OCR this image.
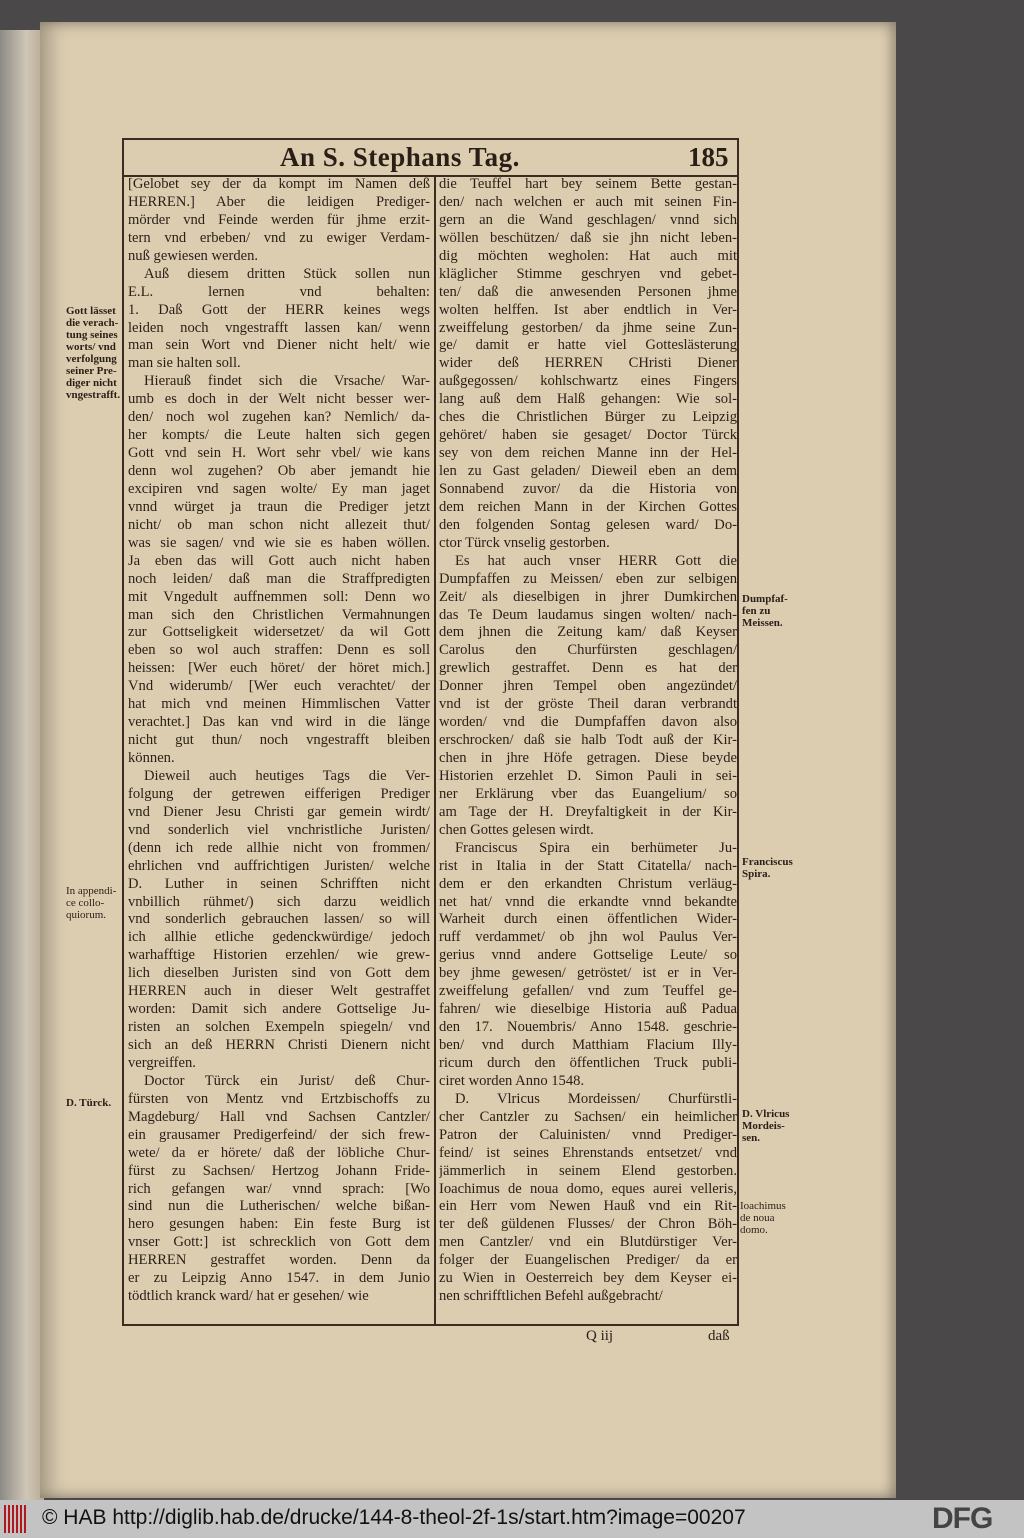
An S. Stephans Tag.	185
[Gelobet sey der da kompt im Namen deß
HERREN.] Aber die leidigen Prediger-
mörder vnd Feinde werden für jhme erzit-
tern vnd erbeben/ vnd zu ewiger Verdam-
nuß gewiesen werden.
Auß diesem dritten Stück sollen nun
E.L. lernen vnd behalten:
1. Daß Gott der HERR keines wegs
leiden noch vngestrafft lassen kan/ wenn
man sein Wort vnd Diener nicht helt/ wie
man sie halten soll.
Hierauß findet sich die Vrsache/ War-
umb es doch in der Welt nicht besser wer-
den/ noch wol zugehen kan? Nemlich/ da-
her kompts/ die Leute halten sich gegen
Gott vnd sein H. Wort sehr vbel/ wie kans
denn wol zugehen? Ob aber jemandt hie
excipiren vnd sagen wolte/ Ey man jaget
vnnd würget ja traun die Prediger jetzt
nicht/ ob man schon nicht allezeit thut/
was sie sagen/ vnd wie sie es haben wöllen.
Ja eben das will Gott auch nicht haben
noch leiden/ daß man die Straffpredigten
mit Vngedult auffnemmen soll: Denn wo
man sich den Christlichen Vermahnungen
zur Gottseligkeit widersetzet/ da wil Gott
eben so wol auch straffen: Denn es soll
heissen: [Wer euch höret/ der höret mich.]
Vnd widerumb/ [Wer euch verachtet/ der
hat mich vnd meinen Himmlischen Vatter
verachtet.] Das kan vnd wird in die länge
nicht gut thun/ noch vngestrafft bleiben
können.
Dieweil auch heutiges Tags die Ver-
folgung der getrewen eifferigen Prediger
vnd Diener Jesu Christi gar gemein wirdt/
vnd sonderlich viel vnchristliche Juristen/
(denn ich rede allhie nicht von frommen/
ehrlichen vnd auffrichtigen Juristen/ welche
D. Luther in seinen Schrifften nicht
vnbillich rühmet/) sich darzu weidlich
vnd sonderlich gebrauchen lassen/ so will
ich allhie etliche gedenckwürdige/ jedoch
warhafftige Historien erzehlen/ wie grew-
lich dieselben Juristen sind von Gott dem
HERREN auch in dieser Welt gestraffet
worden: Damit sich andere Gottselige Ju-
risten an solchen Exempeln spiegeln/ vnd
sich an deß HERRN Christi Dienern nicht
vergreiffen.
Doctor Türck ein Jurist/ deß Chur-
fürsten von Mentz vnd Ertzbischoffs zu
Magdeburg/ Hall vnd Sachsen Cantzler/
ein grausamer Predigerfeind/ der sich frew-
wete/ da er hörete/ daß der löbliche Chur-
fürst zu Sachsen/ Hertzog Johann Fride-
rich gefangen war/ vnnd sprach: [Wo
sind nun die Lutherischen/ welche bißan-
hero gesungen haben: Ein feste Burg ist
vnser Gott:] ist schrecklich von Gott dem
HERREN gestraffet worden. Denn da
er zu Leipzig Anno 1547. in dem Junio
tödtlich kranck ward/ hat er gesehen/ wie
die Teuffel hart bey seinem Bette gestan-
den/ nach welchen er auch mit seinen Fin-
gern an die Wand geschlagen/ vnnd sich
wöllen beschützen/ daß sie jhn nicht leben-
dig möchten wegholen: Hat auch mit
kläglicher Stimme geschryen vnd gebet-
ten/ daß die anwesenden Personen jhme
wolten helffen. Ist aber endtlich in Ver-
zweiffelung gestorben/ da jhme seine Zun-
ge/ damit er hatte viel Gotteslästerung
wider deß HERREN CHristi Diener
außgegossen/ kohlschwartz eines Fingers
lang auß dem Halß gehangen: Wie sol-
ches die Christlichen Bürger zu Leipzig
gehöret/ haben sie gesaget/ Doctor Türck
sey von dem reichen Manne inn der Hel-
len zu Gast geladen/ Dieweil eben an dem
Sonnabend zuvor/ da die Historia von
dem reichen Mann in der Kirchen Gottes
den folgenden Sontag gelesen ward/ Do-
ctor Türck vnselig gestorben.
Es hat auch vnser HERR Gott die
Dumpfaffen zu Meissen/ eben zur selbigen
Zeit/ als dieselbigen in jhrer Dumkirchen
das Te Deum laudamus singen wolten/ nach-
dem jhnen die Zeitung kam/ daß Keyser
Carolus den Churfürsten geschlagen/
grewlich gestraffet. Denn es hat der
Donner jhren Tempel oben angezündet/
vnd ist der gröste Theil daran verbrandt
worden/ vnd die Dumpfaffen davon also
erschrocken/ daß sie halb Todt auß der Kir-
chen in jhre Höfe getragen. Diese beyde
Historien erzehlet D. Simon Pauli in sei-
ner Erklärung vber das Euangelium/ so
am Tage der H. Dreyfaltigkeit in der Kir-
chen Gottes gelesen wirdt.
Franciscus Spira ein berhümeter Ju-
rist in Italia in der Statt Citatella/ nach-
dem er den erkandten Christum verläug-
net hat/ vnnd die erkandte vnnd bekandte
Warheit durch einen öffentlichen Wider-
ruff verdammet/ ob jhn wol Paulus Ver-
gerius vnnd andere Gottselige Leute/ so
bey jhme gewesen/ getröstet/ ist er in Ver-
zweiffelung gefallen/ vnd zum Teuffel ge-
fahren/ wie dieselbige Historia auß Padua
den 17. Nouembris/ Anno 1548. geschrie-
ben/ vnd durch Matthiam Flacium Illy-
ricum durch den öffentlichen Truck publi-
ciret worden Anno 1548.
D. Vlricus Mordeissen/ Churfürstli-
cher Cantzler zu Sachsen/ ein heimlicher
Patron der Caluinisten/ vnnd Prediger-
feind/ ist seines Ehrenstands entsetzet/ vnd
jämmerlich in seinem Elend gestorben.
Ioachimus de noua domo, eques aurei velleris,
ein Herr vom Newen Hauß vnd ein Rit-
ter deß güldenen Flusses/ der Chron Böh-
men Cantzler/ vnd ein Blutdürstiger Ver-
folger der Euangelischen Prediger/ da er
zu Wien in Oesterreich bey dem Keyser ei-
nen schrifftlichen Befehl außgebracht/
Gott lässet
die verach-
tung seines
worts/ vnd
verfolgung
seiner Pre-
diger nicht
vngestrafft.
In appendi-
ce collo-
quiorum.
D. Türck.
Dumpfaf-
fen zu
Meissen.
Franciscus
Spira.
D. Vlricus
Mordeis-
sen.
Ioachimus
de noua
domo.
Q iij	daß
© HAB http://diglib.hab.de/drucke/144-8-theol-2f-1s/start.htm?image=00207	DFG
